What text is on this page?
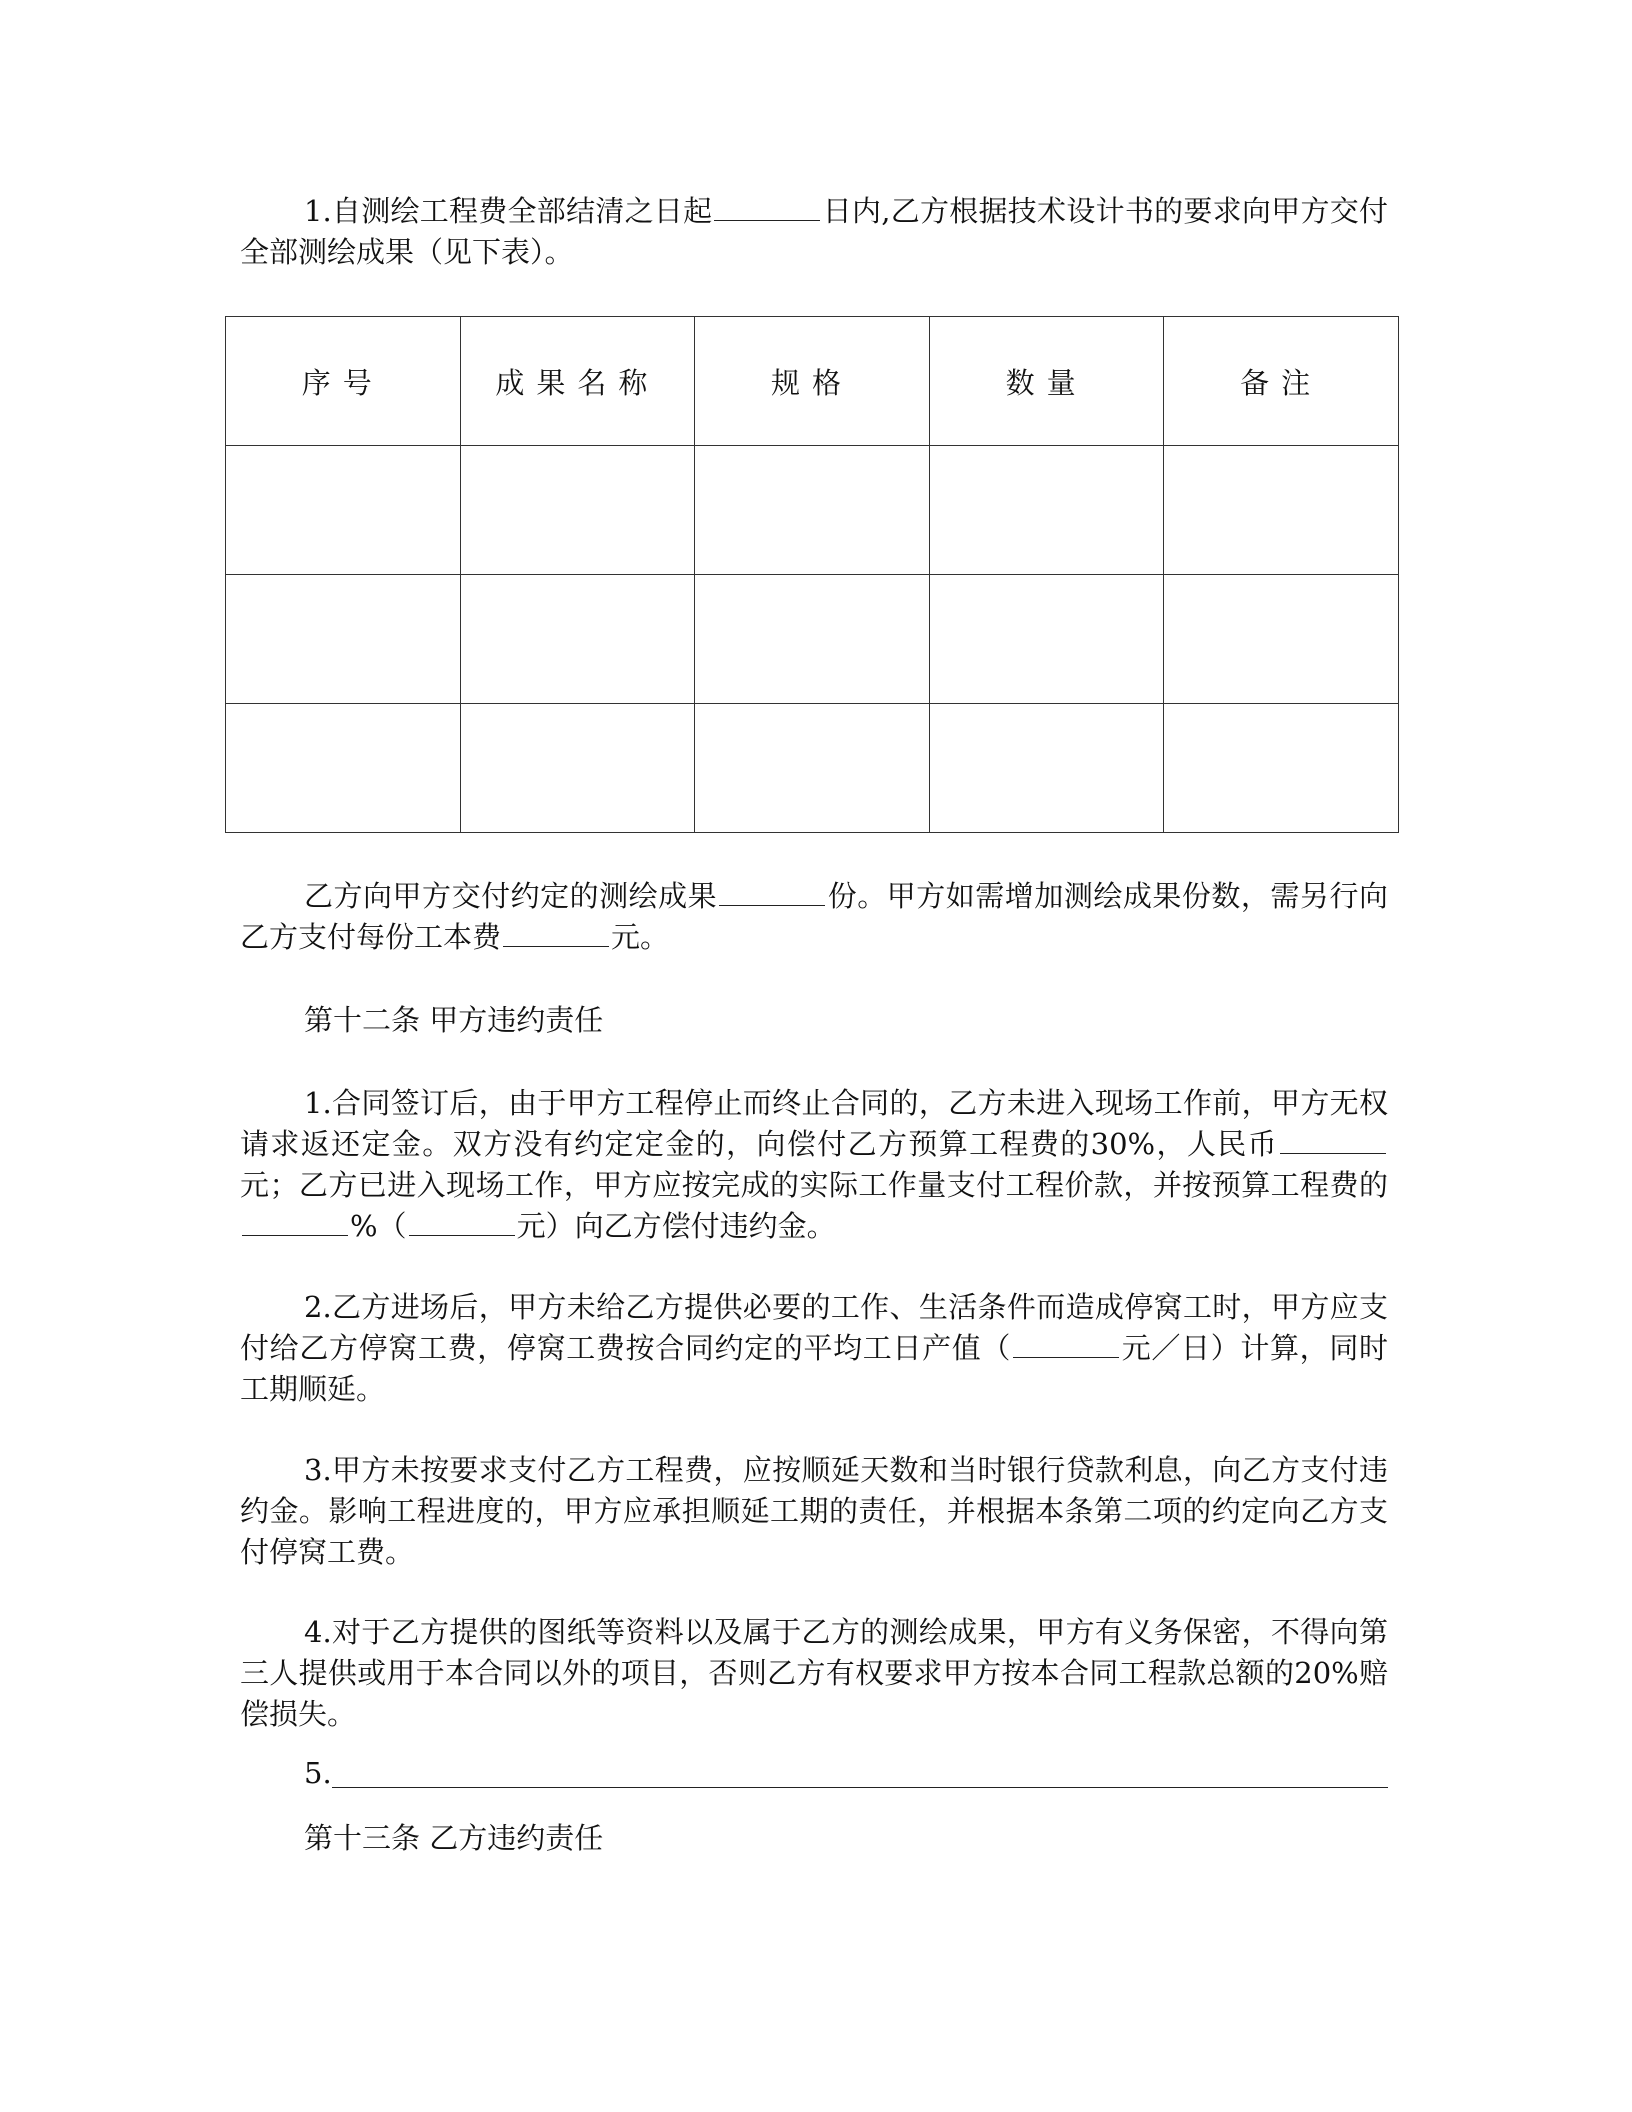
1.自测绘工程费全部结清之日起	日内,乙方根据技术设计书的要求向甲方交付全部测绘成果（见下表）。

序号	成果名称	规格	数量	备注

乙方向甲方交付约定的测绘成果	份。甲方如需增加测绘成果份数，需另行向乙方支付每份工本费	元。

第十二条 甲方违约责任

1.合同签订后，由于甲方工程停止而终止合同的，乙方未进入现场工作前，甲方无权请求返还定金。双方没有约定定金的，向偿付乙方预算工程费的30%，人民币元；乙方已进入现场工作，甲方应按完成的实际工作量支付工程价款，并按预算工程费的%（	元）向乙方偿付违约金。

2.乙方进场后，甲方未给乙方提供必要的工作、生活条件而造成停窝工时，甲方应支付给乙方停窝工费，停窝工费按合同约定的平均工日产值（	元／日）计算，同时工期顺延。

3.甲方未按要求支付乙方工程费，应按顺延天数和当时银行贷款利息，向乙方支付违约金。影响工程进度的，甲方应承担顺延工期的责任，并根据本条第二项的约定向乙方支付停窝工费。

4.对于乙方提供的图纸等资料以及属于乙方的测绘成果，甲方有义务保密，不得向第三人提供或用于本合同以外的项目，否则乙方有权要求甲方按本合同工程款总额的20%赔偿损失。

5.

第十三条 乙方违约责任
